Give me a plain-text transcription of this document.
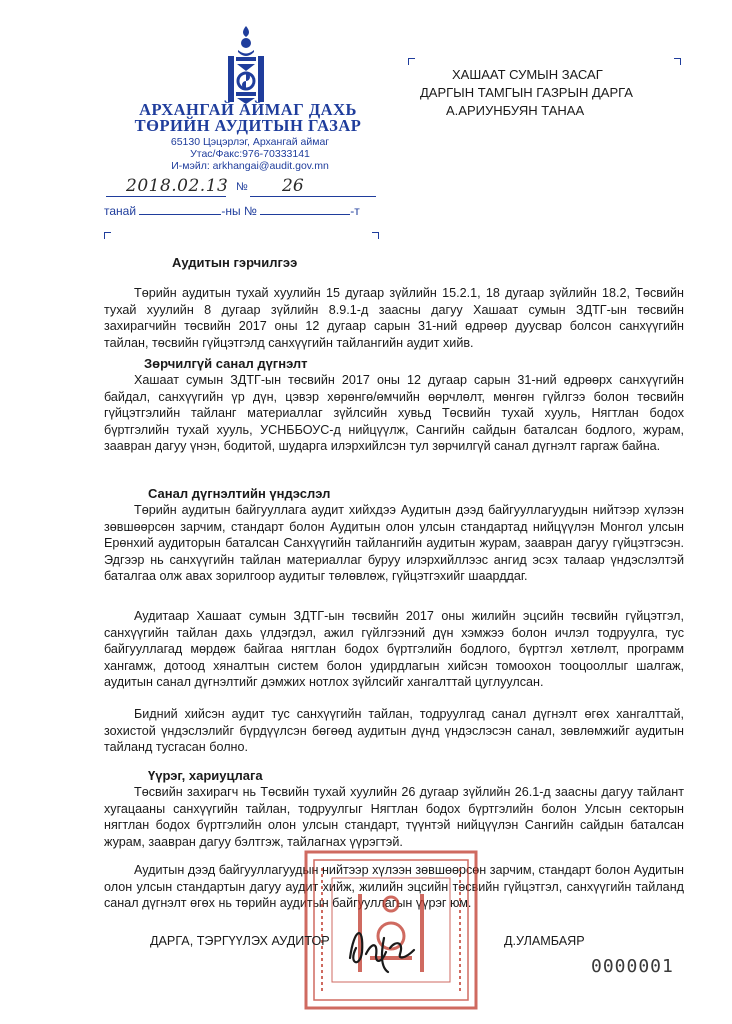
АРХАНГАЙ АЙМАГ ДАХЬ
ТӨРИЙН АУДИТЫН ГАЗАР
65130 Цэцэрлэг, Архангай аймаг
Утас/Факс:976-70333141
И-мэйл: arkhangai@audit.gov.mn
2018.02.13 № 26
танай	-ны №	-т
ХАШААТ СУМЫН ЗАСАГ
ДАРГЫН ТАМГЫН ГАЗРЫН ДАРГА
А.АРИУНБУЯН ТАНАА
Аудитын гэрчилгээ
Төрийн аудитын тухай хуулийн 15 дугаар зүйлийн 15.2.1, 18 дугаар зүйлийн 18.2, Төсвийн тухай хуулийн 8 дугаар зүйлийн 8.9.1-д заасны дагуу Хашаат сумын ЗДТГ-ын төсвийн захирагчийн төсвийн 2017 оны 12 дугаар сарын 31-ний өдрөөр дуусвар болсон санхүүгийн тайлан, төсвийн гүйцэтгэлд санхүүгийн тайлангийн аудит хийв.
Зөрчилгүй санал дүгнэлт
Хашаат сумын ЗДТГ-ын төсвийн 2017 оны 12 дугаар сарын 31-ний өдрөөрх санхүүгийн байдал, санхүүгийн үр дүн, цэвэр хөрөнгө/өмчийн өөрчлөлт, мөнгөн гүйлгээ болон төсвийн гүйцэтгэлийн тайланг материаллаг зүйлсийн хувьд Төсвийн тухай хууль, Нягтлан бодох бүртгэлийн тухай хууль, УСНББОУС-д нийцүүлж, Сангийн сайдын баталсан бодлого, журам, заавран дагуу үнэн, бодитой, шударга илэрхийлсэн тул зөрчилгүй санал дүгнэлт гаргаж байна.
Санал дүгнэлтийн үндэслэл
Төрийн аудитын байгууллага аудит хийхдээ Аудитын дээд байгууллагуудын нийтээр хүлээн зөвшөөрсөн зарчим, стандарт болон Аудитын олон улсын стандартад нийцүүлэн Монгол улсын Ерөнхий аудиторын баталсан Санхүүгийн тайлангийн аудитын журам, заавран дагуу гүйцэтгэсэн. Эдгээр нь санхүүгийн тайлан материаллаг буруу илэрхийллээс ангид эсэх талаар үндэслэлтэй баталгаа олж авах зорилгоор аудитыг төлөвлөж, гүйцэтгэхийг шаарддаг.
Аудитаар Хашаат сумын ЗДТГ-ын төсвийн 2017 оны жилийн эцсийн төсвийн гүйцэтгэл, санхүүгийн тайлан дахь үлдэгдэл, ажил гүйлгээний дүн хэмжээ болон ичлэл тодруулга, тус байгууллагад мөрдөж байгаа нягтлан бодох бүртгэлийн бодлого, бүртгэл хөтлөлт, программ хангамж, дотоод хяналтын систем болон удирдлагын хийсэн томоохон тооцооллыг шалгаж, аудитын санал дүгнэлтийг дэмжих нотлох зүйлсийг хангалттай цуглуулсан.
Бидний хийсэн аудит тус санхүүгийн тайлан, тодруулгад санал дүгнэлт өгөх хангалттай, зохистой үндэслэлийг бүрдүүлсэн бөгөөд аудитын дүнд үндэслэсэн санал, зөвлөмжийг аудитын тайланд тусгасан болно.
Үүрэг, хариуцлага
Төсвийн захирагч нь Төсвийн тухай хуулийн 26 дугаар зүйлийн 26.1-д заасны дагуу тайлант хугацааны санхүүгийн тайлан, тодруулгыг Нягтлан бодох бүртгэлийн болон Улсын секторын нягтлан бодох бүртгэлийн олон улсын стандарт, түүнтэй нийцүүлэн Сангийн сайдын баталсан журам, заавран дагуу бэлтгэж, тайлагнах үүрэгтэй.
Аудитын дээд байгууллагуудын нийтээр хүлээн зөвшөөрсөн зарчим, стандарт болон Аудитын олон улсын стандартын дагуу аудит хийж, жилийн эцсийн төсвийн гүйцэтгэл, санхүүгийн тайланд санал дүгнэлт өгөх нь төрийн аудитын байгууллагын үүрэг юм.
ДАРГА, ТЭРГҮҮЛЭХ АУДИТОР	Д.УЛАМБАЯР
0000001
